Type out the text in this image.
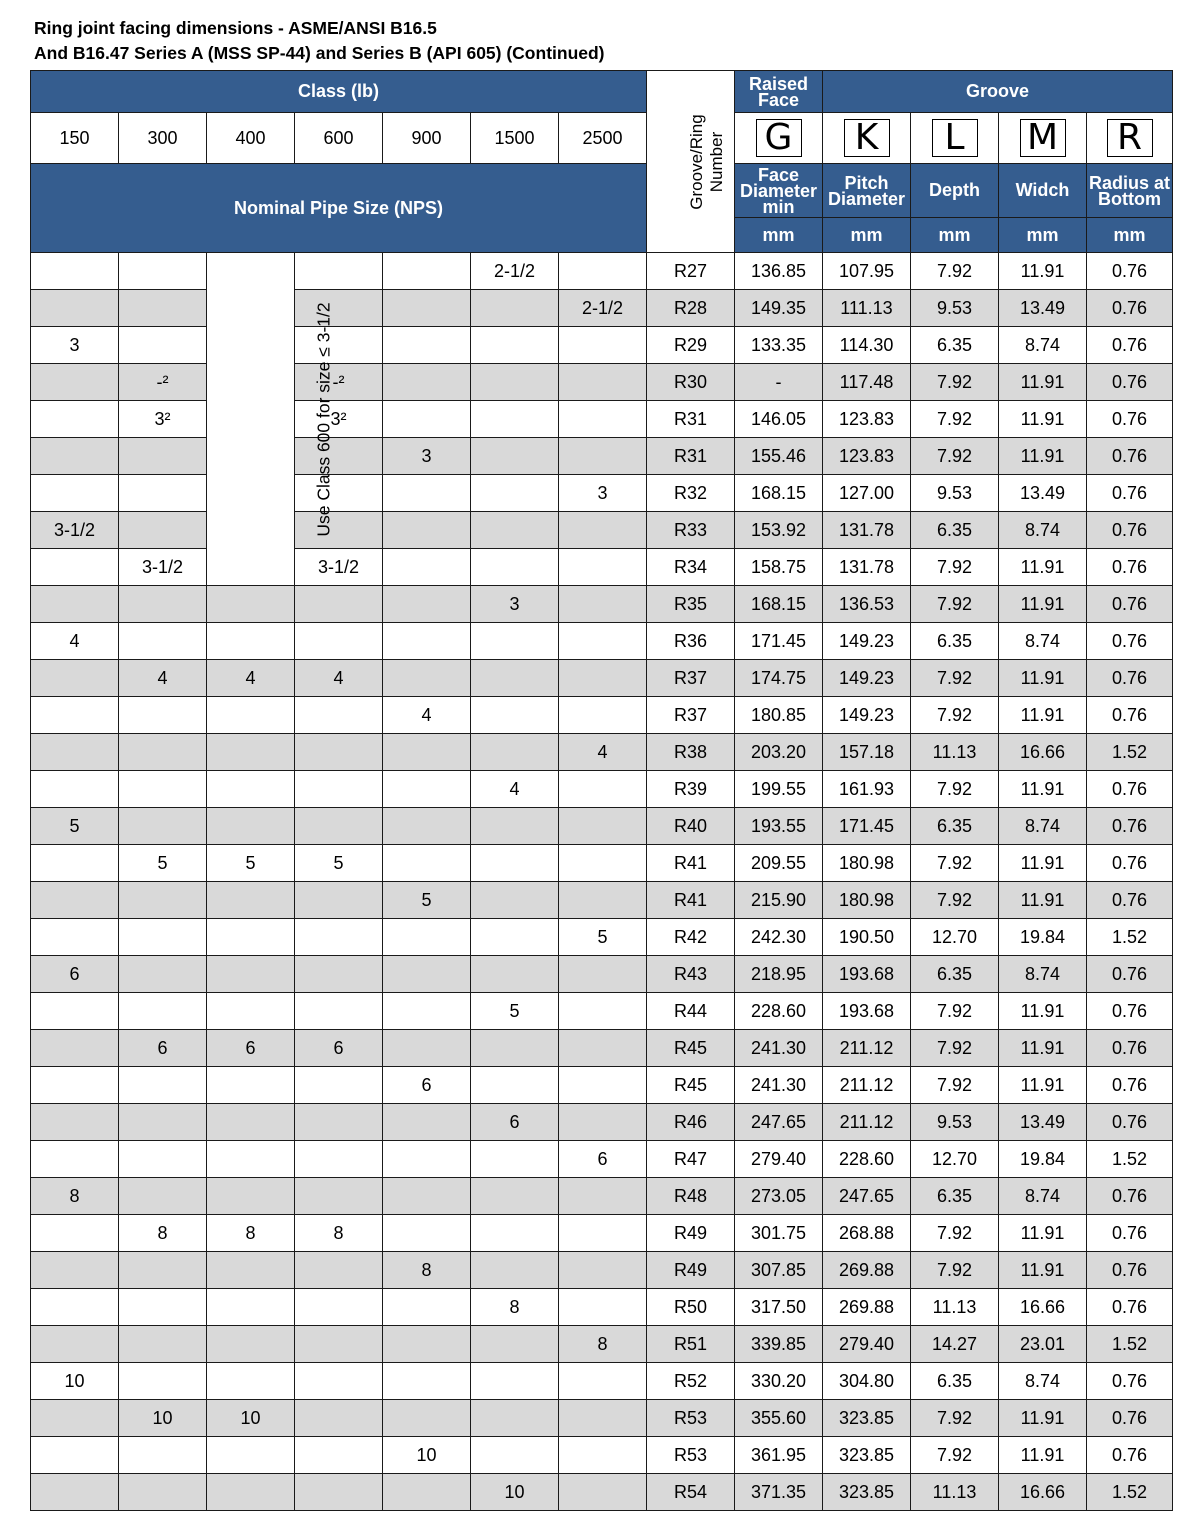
Ring joint facing dimensions - ASME/ANSI B16.5
And B16.47 Series A (MSS SP-44) and Series B (API 605) (Continued)
Class (lb)							Groove/Ring Number	Raised Face	Groove			
150	300	400	600	900	1500	2500		G	K	L	M	R
Nominal Pipe Size (NPS)								Face Diameter min	Pitch Diameter	Depth	Widch	Radius at Bottom
								mm	mm	mm	mm	mm
		Use Class 600 for size ≤ 3-1/2			2-1/2		R27	136.85	107.95	7.92	11.91	0.76
						2-1/2	R28	149.35	111.13	9.53	13.49	0.76
3							R29	133.35	114.30	6.35	8.74	0.76
	-²		-²				R30	-	117.48	7.92	11.91	0.76
	3²		3²				R31	146.05	123.83	7.92	11.91	0.76
				3			R31	155.46	123.83	7.92	11.91	0.76
						3	R32	168.15	127.00	9.53	13.49	0.76
3-1/2							R33	153.92	131.78	6.35	8.74	0.76
	3-1/2		3-1/2				R34	158.75	131.78	7.92	11.91	0.76
					3		R35	168.15	136.53	7.92	11.91	0.76
4							R36	171.45	149.23	6.35	8.74	0.76
	4	4	4				R37	174.75	149.23	7.92	11.91	0.76
				4			R37	180.85	149.23	7.92	11.91	0.76
						4	R38	203.20	157.18	11.13	16.66	1.52
					4		R39	199.55	161.93	7.92	11.91	0.76
5							R40	193.55	171.45	6.35	8.74	0.76
	5	5	5				R41	209.55	180.98	7.92	11.91	0.76
				5			R41	215.90	180.98	7.92	11.91	0.76
						5	R42	242.30	190.50	12.70	19.84	1.52
6							R43	218.95	193.68	6.35	8.74	0.76
					5		R44	228.60	193.68	7.92	11.91	0.76
	6	6	6				R45	241.30	211.12	7.92	11.91	0.76
				6			R45	241.30	211.12	7.92	11.91	0.76
					6		R46	247.65	211.12	9.53	13.49	0.76
						6	R47	279.40	228.60	12.70	19.84	1.52
8							R48	273.05	247.65	6.35	8.74	0.76
	8	8	8				R49	301.75	268.88	7.92	11.91	0.76
				8			R49	307.85	269.88	7.92	11.91	0.76
					8		R50	317.50	269.88	11.13	16.66	0.76
						8	R51	339.85	279.40	14.27	23.01	1.52
10							R52	330.20	304.80	6.35	8.74	0.76
	10	10					R53	355.60	323.85	7.92	11.91	0.76
				10			R53	361.95	323.85	7.92	11.91	0.76
					10		R54	371.35	323.85	11.13	16.66	1.52
